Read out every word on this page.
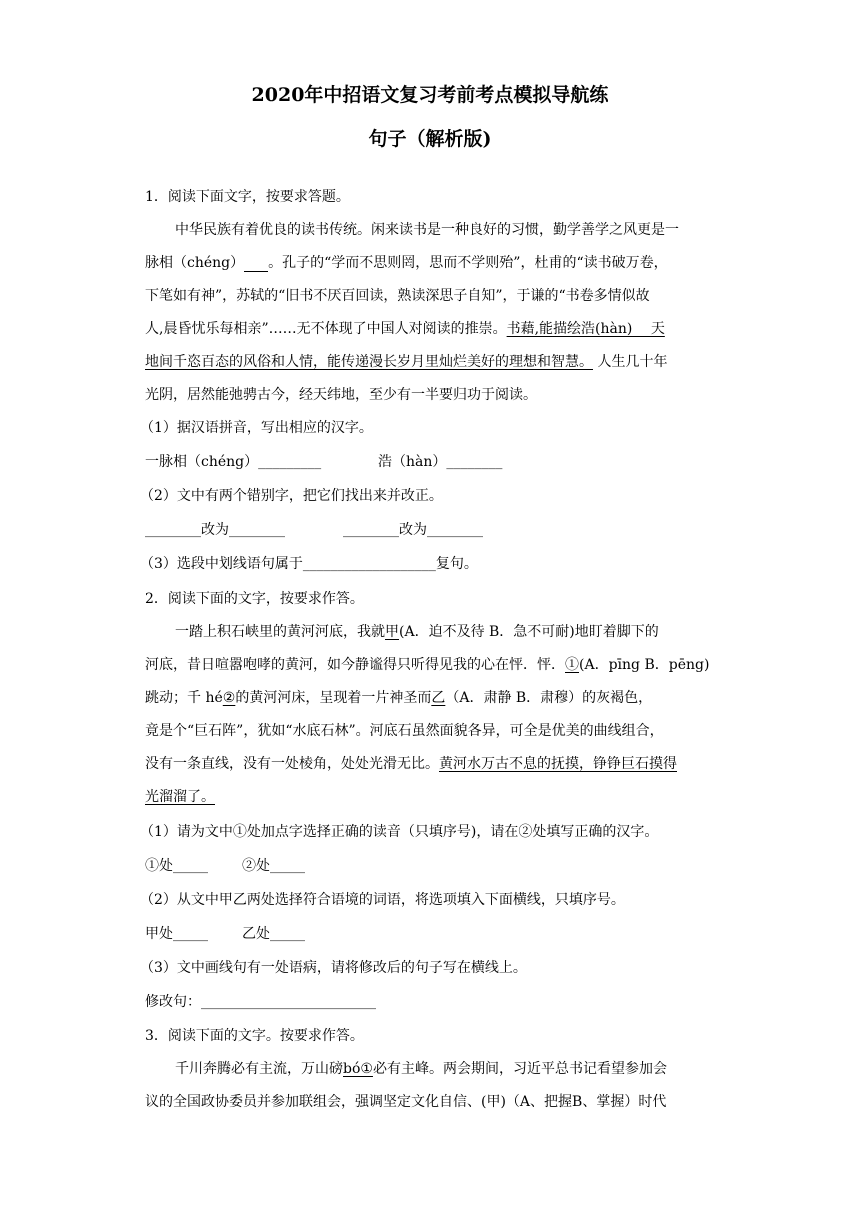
2020年中招语文复习考前考点模拟导航练
句子（解析版)
1．阅读下面文字，按要求答题。
中华民族有着优良的读书传统。闲来读书是一种良好的习惯，勤学善学之风更是一
脉相（chéng） 。孔子的“学而不思则罔，思而不学则殆”，杜甫的“读书破万卷，
下笔如有神”，苏轼的“旧书不厌百回读，熟读深思子自知”，于谦的“书卷多情似故
人,晨昏忧乐每相亲”……无不体现了中国人对阅读的推崇。书藉,能描绘浩(hàn)　 天
地间千恣百态的风俗和人情，能传递漫长岁月里灿烂美好的理想和智慧。 人生几十年
光阴，居然能弛骋古今，经天纬地，至少有一半要归功于阅读。
（1）据汉语拼音，写出相应的汉字。
一脉相（chéng）_________	浩（hàn）________
（2）文中有两个错别字，把它们找出来并改正。
________改为________	________改为________
（3）选段中划线语句属于___________________复句。
2．阅读下面的文字，按要求作答。
一踏上积石峡里的黄河河底，我就甲(A．迫不及待 B．急不可耐)地盯着脚下的
河底，昔日喧嚣咆哮的黄河，如今静谧得只听得见我的心在怦．怦．①(A．pīng B．pēng)
跳动；千 hé②的黄河河床，呈现着一片神圣而乙（A．肃静 B．肃穆）的灰褐色，
竟是个“巨石阵”，犹如“水底石林”。河底石虽然面貌各异，可全是优美的曲线组合，
没有一条直线，没有一处棱角，处处光滑无比。黄河水万古不息的抚摸，铮铮巨石摸得
光溜溜了。
（1）请为文中①处加点字选择正确的读音（只填序号)，请在②处填写正确的汉字。
①处_____ ②处_____
（2）从文中甲乙两处选择符合语境的词语，将选项填入下面横线，只填序号。
甲处_____ 乙处_____
（3）文中画线句有一处语病，请将修改后的句子写在横线上。
修改句：_________________________
3．阅读下面的文字。按要求作答。
千川奔腾必有主流，万山磅bó①必有主峰。两会期间，习近平总书记看望参加会
议的全国政协委员并参加联组会，强调坚定文化自信、(甲)（A、把握B、掌握）时代
